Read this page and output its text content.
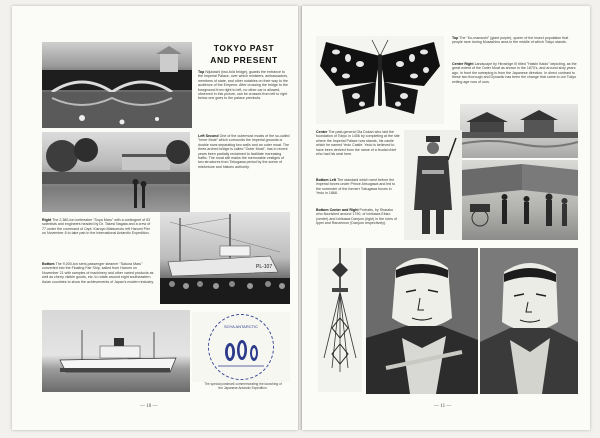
TOKYO PAST
AND PRESENT
Top Nijubashi (two-fold bridge), guards the entrance to the Imperial Palace, over which ministers, ambassadors, members of state, and other notables on their way to the audience of the Emperor. After crossing the bridge to the foreground from right to left, no other car is allowed, observed in this picture, can be crossed from left to right below one goes to the palace precincts.
Left Second One of the outermost moats of the so-called "Inner Moat" which surrounds the Imperial grounds is double rows separating two walls and an outer moat. The three-arched bridge is called "Outer Moat", has in recent years been partially reclaimed to facilitate increasing traffic. The moat still marks the memorable vestiges of two structures from Tokugawa period by the scene of misfortune and historic authority.
Right The 2,380-ton icebreaker "Soya Maru" with a contingent of 53 scientists and engineers headed by Dr. Takesi Nagata and a crew of 77 under the command of Capt. Kazuyo Matsumoto left Harumi Pier on November 8 to take part in the International Antarctic Expedition.
Bottom The 9,000-ton semi-passenger steamer "Sakura Maru" converted into the Floating Fair Ship, sailed from Harumi on November 21 with samples of machinery and other varied products as well as cherry visible goods, etc. to rotate around eight southeastern Asian countries to show the achievements of Japan's modern industry.
PL-107
SOYA ANTARCTIC
The special postmark commemorating the launching of the Japanese Antarctic Expedition.
— 10 —
Top The "Ko-mamushi" (giant purple), queen of the insect population that people rave during Musashino area in the middle of which Tokyo stands.
Center Right Landscape by Hiroshige III titled "Haishi Kaido" depicting, as the great extent of the Outer Moat as shown in the 1870's, and around sixty years ago. In front the sweeping is from the Japanese direction. In direct contrast to these two thorough and Dynastic has been the change that came to our Tokyo writing age now of ours.
Center The past-general Ota Dokan who laid the foundation of Tokyo in 1456 by completing at the site where the Imperial Palace now stands, his castle which he named Yedo Castle. Yedo is believed to have been derived from the name of a feudal chief who had his seat here.
Bottom Left The standard which went before the imperial forces under Prince Arisugawa and led to the surrender of the formerr Tokugawa forces in Yedo in 1868.
Bottom Center and Right Portraits, by Sharaku who flourished around 1790, of Ichikawa Ebizo (center) and Ichikawa Danjuro (right) in the roles of Ippei and Ranzemon (Danjuro respectively).
— 11 —
